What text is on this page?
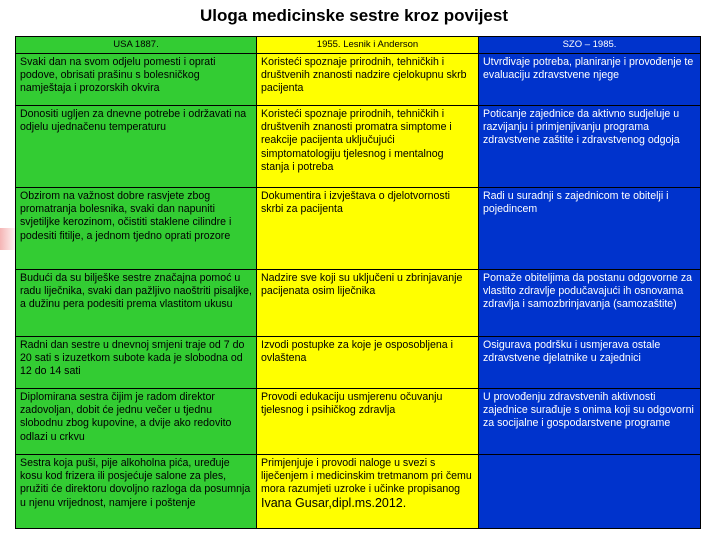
Uloga medicinske sestre kroz povijest
USA 1887.	1955. Lesnik i Anderson	SZO – 1985.
Svaki dan na svom odjelu pomesti i oprati podove, obrisati prašinu s bolesničkog namještaja i prozorskih okvira	Koristeći spoznaje prirodnih, tehničkih i društvenih znanosti nadzire cjelokupnu skrb pacijenta	Utvrđivaje potreba, planiranje i provođenje te evaluaciju zdravstvene njege
Donositi ugljen za dnevne potrebe i održavati na odjelu ujednačenu temperaturu	Koristeći spoznaje prirodnih, tehničkih i društvenih znanosti promatra simptome i reakcije pacijenta uključujući simptomatologiju tjelesnog i mentalnog stanja i potreba	Poticanje zajednice da aktivno sudjeluje u razvijanju i primjenjivanju programa zdravstvene zaštite i zdravstvenog odgoja
Obzirom na važnost dobre rasvjete zbog promatranja bolesnika, svaki dan napuniti svjetiljke kerozinom, očistiti staklene cilindre i podesiti fitilje, a jednom tjedno oprati prozore	Dokumentira i izvještava o djelotvornosti skrbi za pacijenta	Radi u suradnji s zajednicom te obitelji i pojedincem
Budući da su bilješke sestre značajna pomoć u radu liječnika, svaki dan pažljivo naoštriti pisaljke, a dužinu pera podesiti prema vlastitom ukusu	Nadzire sve koji su uključeni u zbrinjavanje pacijenata osim liječnika	Pomaže obiteljima da postanu odgovorne za vlastito zdravlje podučavajući ih osnovama zdravlja i samozbrinjavanja (samozaštite)
Radni dan sestre u dnevnoj smjeni traje od 7 do 20 sati s izuzetkom subote kada je slobodna od 12 do 14 sati	Izvodi postupke za koje je osposobljena i ovlaštena	Osigurava podršku i usmjerava ostale zdravstvene djelatnike u zajednici
Diplomirana sestra čijim je radom direktor zadovoljan, dobit će jednu večer u tjednu slobodnu zbog kupovine, a dvije ako redovito odlazi u crkvu	Provodi edukaciju usmjerenu očuvanju tjelesnog i psihičkog zdravlja	U provođenju zdravstvenih aktivnosti zajednice surađuje s onima koji su odgovorni za socijalne i gospodarstvene programe
Sestra koja puši, pije alkoholna pića, uređuje kosu kod frizera ili posjećuje salone za ples, pružiti će direktoru dovoljno razloga da posumnja u njenu vrijednost, namjere i poštenje	Primjenjuje i provodi naloge u svezi s liječenjem i medicinskim tretmanom pri čemu mora razumjeti uzroke i učinke propisanog Ivana Gusar,dipl.ms.2012.	
